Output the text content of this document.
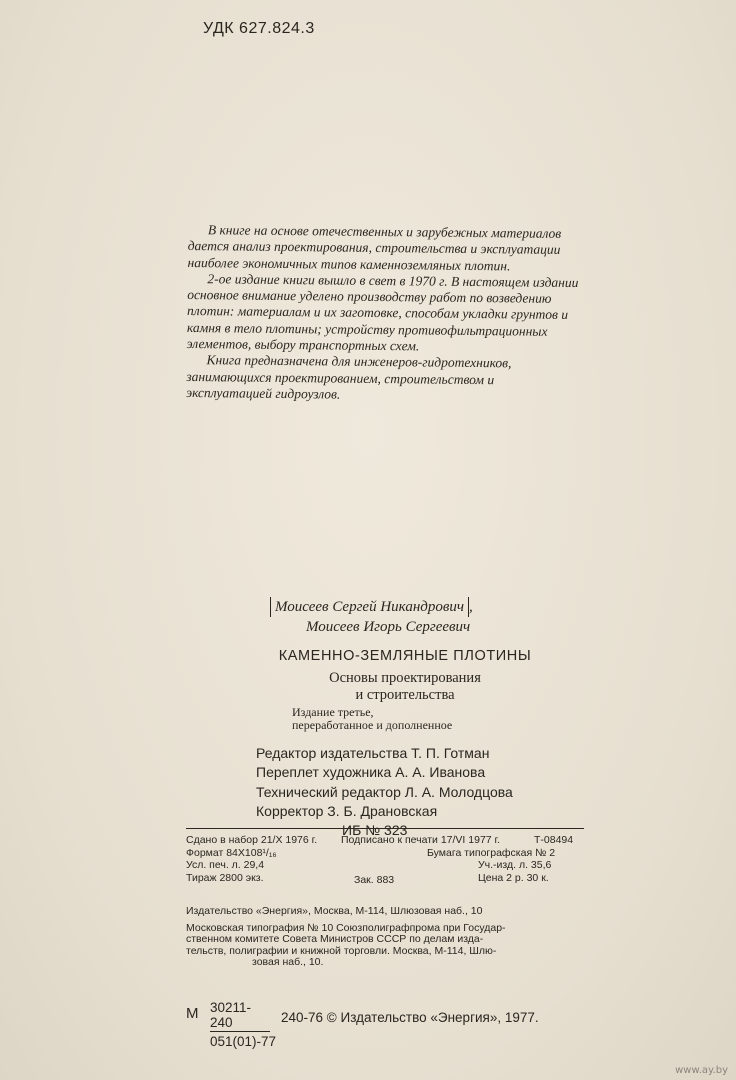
УДК 627.824.3

В книге на основе отечественных и зарубежных материалов дается анализ проектирования, строительства и эксплуатации наиболее экономичных типов каменноземляных плотин.

2-ое издание книги вышло в свет в 1970 г. В настоящем издании основное внимание уделено производству работ по возведению плотин: материалам и их заготовке, способам укладки грунтов и камня в тело плотины; устройству противофильтрационных элементов, выбору транспортных схем.

Книга предназначена для инженеров-гидротехников, занимающихся проектированием, строительством и эксплуатацией гидроузлов.

Моисеев Сергей Никандрович ,
Моисеев Игорь Сергеевич
КАМЕННО-ЗЕМЛЯНЫЕ ПЛОТИНЫ
Основы проектирования
и строительства
Издание третье,
переработанное и дополненное
Редактор издательства Т. П. Готман
Переплет художника А. А. Иванова
Технический редактор Л. А. Молодцова
Корректор З. Б. Драновская
ИБ № 323
Сдано в набор 21/X 1976 г. Подписано к печати 17/VI 1977 г.	Т-08494
Формат 84Х108¹/₁₆	Бумага типографская № 2
Усл. печ. л. 29,4	Уч.-изд. л. 35,6
Тираж 2800 экз.	Зак. 883	Цена 2 р. 30 к.
Издательство «Энергия», Москва, М-114, Шлюзовая наб., 10
Московская типография № 10 Союзполиграфпрома при Государ-
ственном комитете Совета Министров СССР по делам изда-
тельств, полиграфии и книжной торговли. Москва, М-114, Шлю-
зовая наб., 10.
М $\frac{30211-240}{051(01)-77} 240-76$ © Издательство «Энергия», 1977.
www.ay.by
